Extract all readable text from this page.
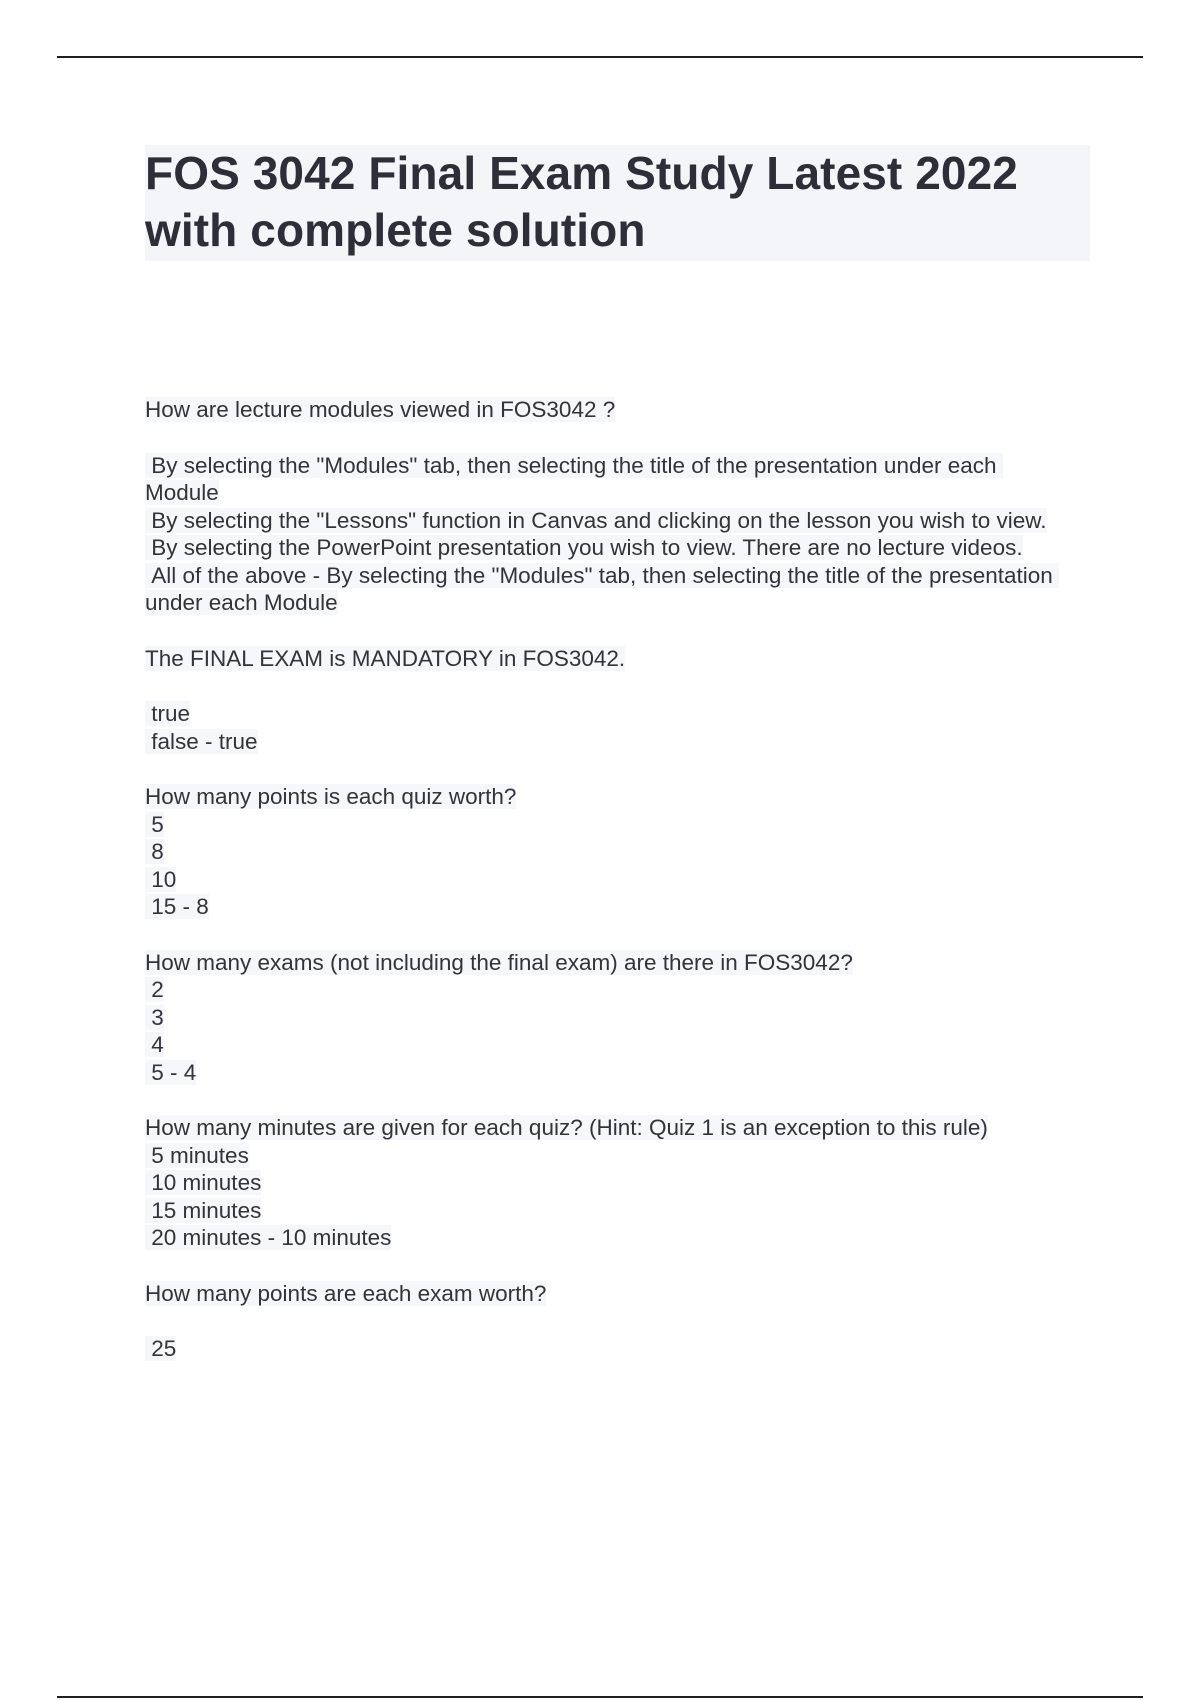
FOS 3042 Final Exam Study Latest 2022 with complete solution
How are lecture modules viewed in FOS3042 ?
By selecting the "Modules" tab, then selecting the title of the presentation under each Module
By selecting the "Lessons" function in Canvas and clicking on the lesson you wish to view.
By selecting the PowerPoint presentation you wish to view. There are no lecture videos.
All of the above - By selecting the "Modules" tab, then selecting the title of the presentation under each Module
The FINAL EXAM is MANDATORY in FOS3042.
true
false - true
How many points is each quiz worth?
5
8
10
15 - 8
How many exams (not including the final exam) are there in FOS3042?
2
3
4
5 - 4
How many minutes are given for each quiz? (Hint: Quiz 1 is an exception to this rule)
5 minutes
10 minutes
15 minutes
20 minutes - 10 minutes
How many points are each exam worth?
25
